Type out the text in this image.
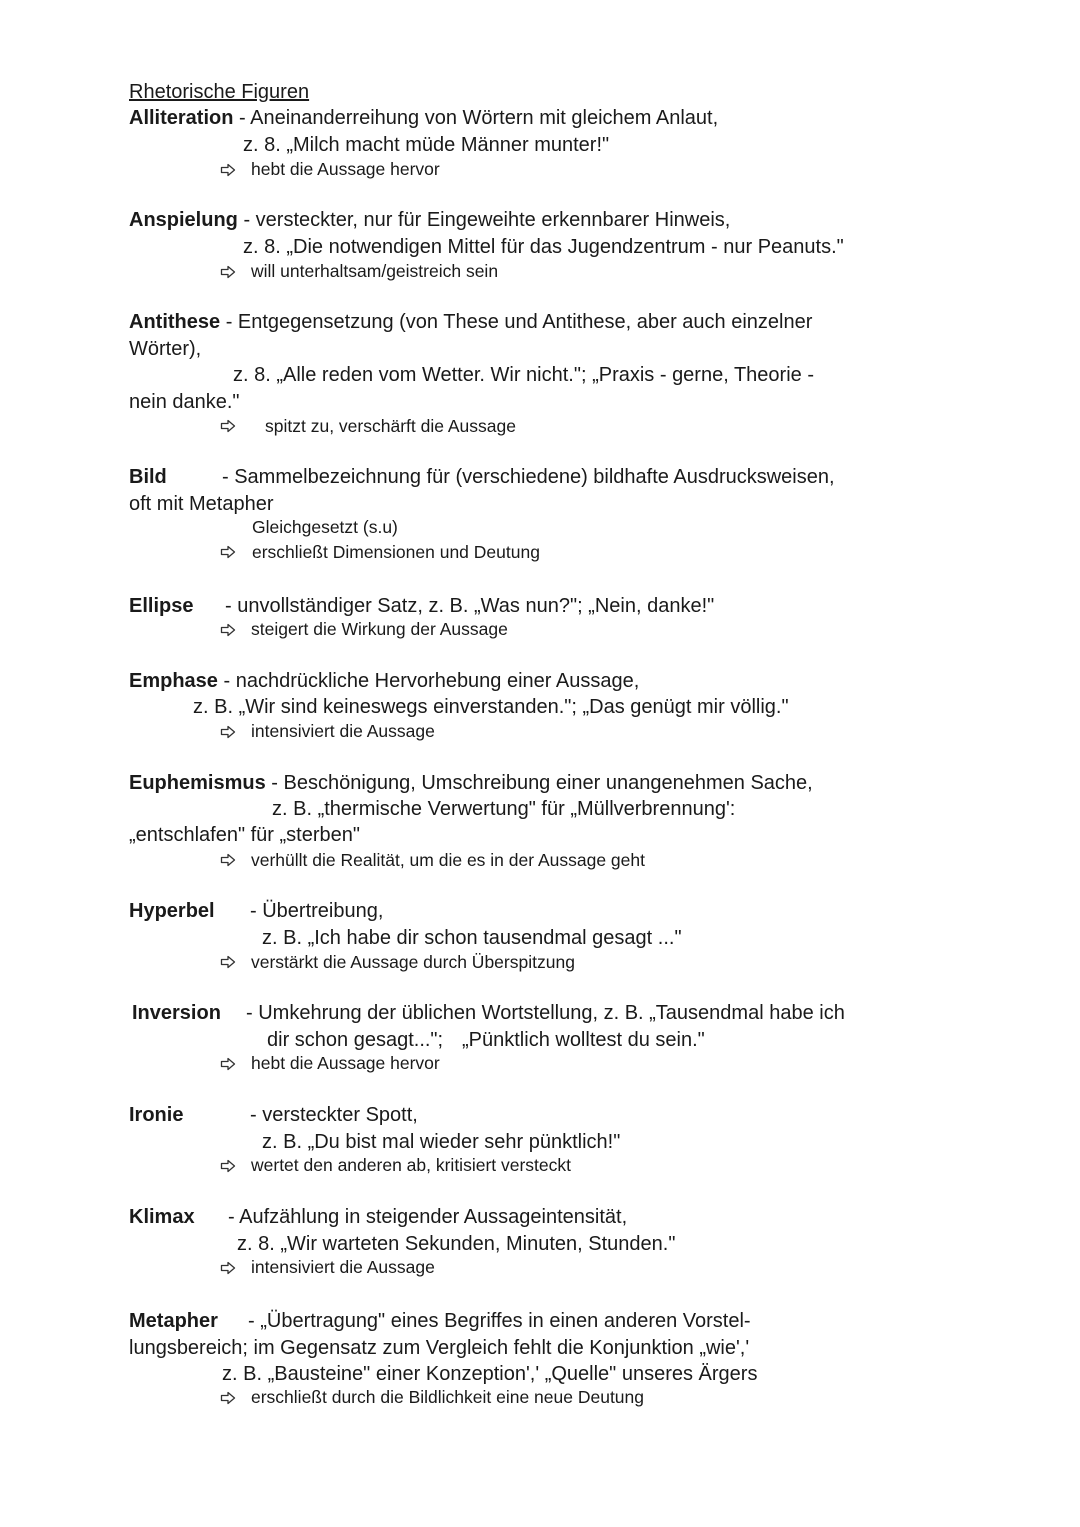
Rhetorische Figuren
Alliteration - Aneinanderreihung von Wörtern mit gleichem Anlaut,
z. 8. „Milch macht müde Männer munter!"
hebt die Aussage hervor
Anspielung - versteckter, nur für Eingeweihte erkennbarer Hinweis,
z. 8. „Die notwendigen Mittel für das Jugendzentrum - nur Peanuts."
will unterhaltsam/geistreich sein
Antithese - Entgegensetzung (von These und Antithese, aber auch einzelner
Wörter),
z. 8. „Alle reden vom Wetter. Wir nicht."; „Praxis - gerne, Theorie -
nein danke."
spitzt zu, verschärft die Aussage
Bild	- Sammelbezeichnung für (verschiedene) bildhafte Ausdrucksweisen,
oft mit Metapher
Gleichgesetzt (s.u)
erschließt Dimensionen und Deutung
Ellipse - unvollständiger Satz, z. B. „Was nun?"; „Nein, danke!"
steigert die Wirkung der Aussage
Emphase - nachdrückliche Hervorhebung einer Aussage,
z. B. „Wir sind keineswegs einverstanden."; „Das genügt mir völlig."
intensiviert die Aussage
Euphemismus - Beschönigung, Umschreibung einer unangenehmen Sache,
z. B. „thermische Verwertung" für „Müllverbrennung':
„entschlafen" für „sterben"
verhüllt die Realität, um die es in der Aussage geht
Hyperbel - Übertreibung,
z. B. „Ich habe dir schon tausendmal gesagt ..."
verstärkt die Aussage durch Überspitzung
Inversion - Umkehrung der üblichen Wortstellung, z. B. „Tausendmal habe ich
dir schon gesagt..."; „Pünktlich wolltest du sein."
hebt die Aussage hervor
Ironie	- versteckter Spott,
z. B. „Du bist mal wieder sehr pünktlich!"
wertet den anderen ab, kritisiert versteckt
Klimax - Aufzählung in steigender Aussageintensität,
z. 8. „Wir warteten Sekunden, Minuten, Stunden."
intensiviert die Aussage
Metapher - „Übertragung" eines Begriffes in einen anderen Vorstel-
lungsbereich; im Gegensatz zum Vergleich fehlt die Konjunktion „wie','
z. B. „Bausteine" einer Konzeption',' „Quelle" unseres Ärgers
erschließt durch die Bildlichkeit eine neue Deutung
